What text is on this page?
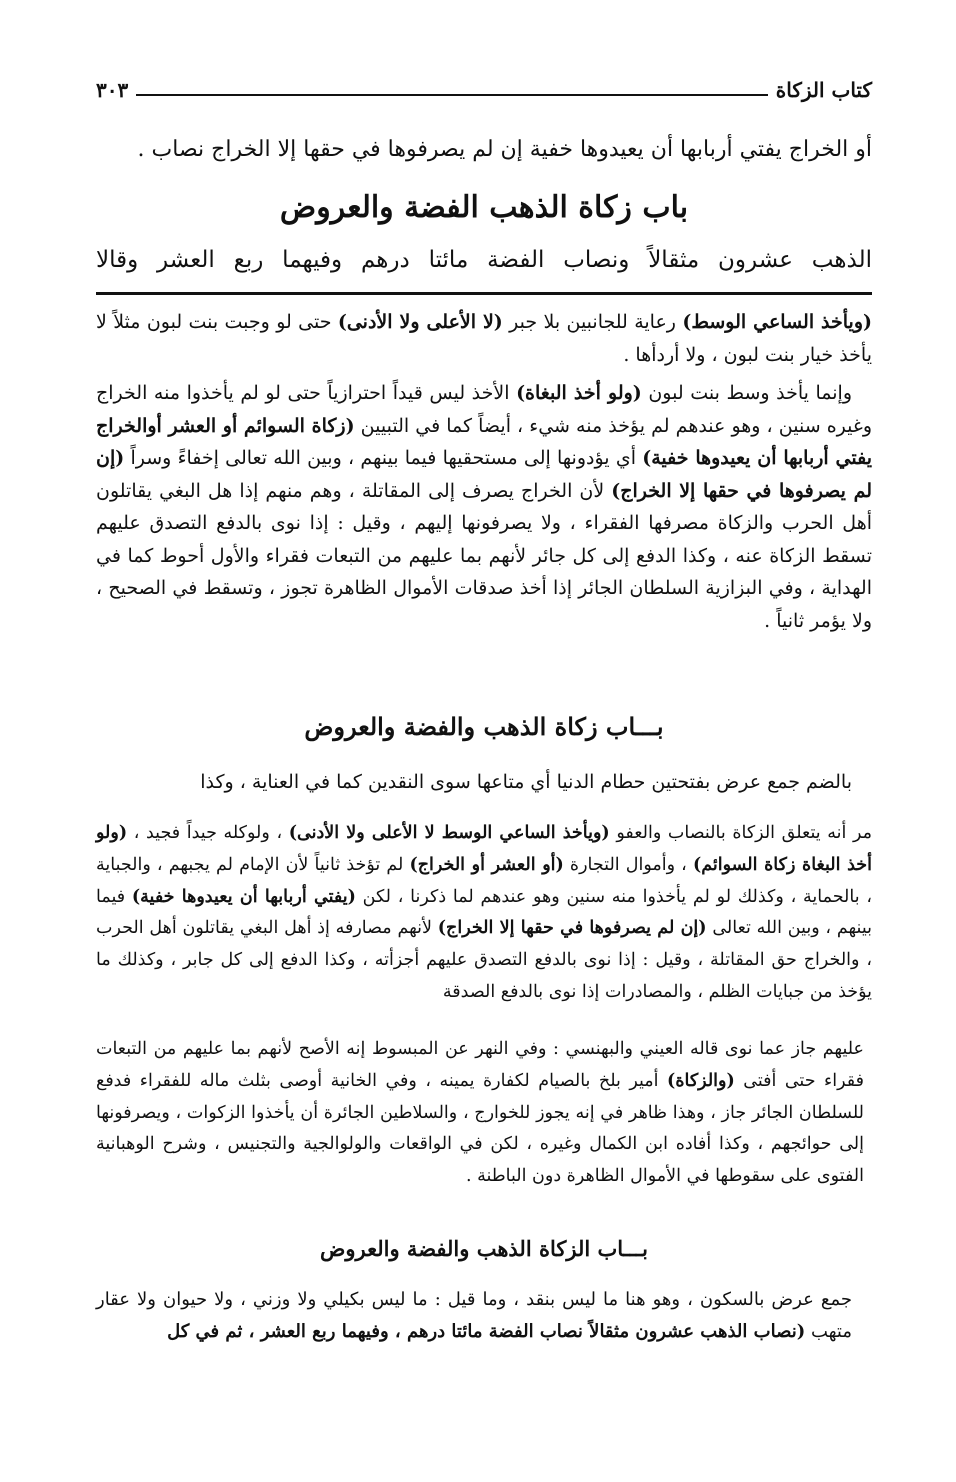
كتاب الزكاة
٣٠٣

أو الخراج يفتي أربابها أن يعيدوها خفية إن لم يصرفوها في حقها إلا الخراج نصاب .

باب زكاة الذهب الفضة والعروض
الذهب عشرون مثقالاً ونصاب الفضة مائتا درهم وفيهما ربع العشر وقالا

(ويأخذ الساعي الوسط) رعاية للجانبين بلا جبر (لا الأعلى ولا الأدنى) حتى لو وجبت بنت لبون مثلاً لا يأخذ خيار بنت لبون ، ولا أردأها .

وإنما يأخذ وسط بنت لبون (ولو أخذ البغاة) الأخذ ليس قيداً احترازياً حتى لو لم يأخذوا منه الخراج وغيره سنين ، وهو عندهم لم يؤخذ منه شيء ، أيضاً كما في التبيين (زكاة السوائم أو العشر أوالخراج يفتي أربابها أن يعيدوها خفية) أي يؤدونها إلى مستحقيها فيما بينهم ، وبين الله تعالى إخفاءً وسراً (إن لم يصرفوها في حقها إلا الخراج) لأن الخراج يصرف إلى المقاتلة ، وهم منهم إذا هل البغي يقاتلون أهل الحرب والزكاة مصرفها الفقراء ، ولا يصرفونها إليهم ، وقيل : إذا نوى بالدفع التصدق عليهم تسقط الزكاة عنه ، وكذا الدفع إلى كل جائر لأنهم بما عليهم من التبعات فقراء والأول أحوط كما في الهداية ، وفي البزازية السلطان الجائر إذا أخذ صدقات الأموال الظاهرة تجوز ، وتسقط في الصحيح ، ولا يؤمر ثانياً .

بـــاب زكاة الذهب والفضة والعروض
بالضم جمع عرض بفتحتين حطام الدنيا أي متاعها سوى النقدين كما في العناية ، وكذا

مر أنه يتعلق الزكاة بالنصاب والعفو (ويأخذ الساعي الوسط لا الأعلى ولا الأدنى) ، ولوكله جيداً فجيد ، (ولو أخذ البغاة زكاة السوائم) ، وأموال التجارة (أو العشر أو الخراج) لم تؤخذ ثانياً لأن الإمام لم يجبهم ، والجباية ، بالحماية ، وكذلك لو لم يأخذوا منه سنين وهو عندهم لما ذكرنا ، لكن (يفتي أربابها أن يعيدوها خفية) فيما بينهم ، وبين الله تعالى (إن لم يصرفوها في حقها إلا الخراج) لأنهم مصارفه إذ أهل البغي يقاتلون أهل الحرب ، والخراج حق المقاتلة ، وقيل : إذا نوى بالدفع التصدق عليهم أجزأته ، وكذا الدفع إلى كل جابر ، وكذلك ما يؤخذ من جبايات الظلم ، والمصادرات إذا نوى بالدفع الصدقة

عليهم جاز عما نوى قاله العيني والبهنسي : وفي النهر عن المبسوط إنه الأصح لأنهم بما عليهم من التبعات فقراء حتى أفتى (والزكاة) أمير بلخ بالصيام لكفارة يمينه ، وفي الخانية أوصى بثلث ماله للفقراء فدفع للسلطان الجائر جاز ، وهذا ظاهر في إنه يجوز للخوارج ، والسلاطين الجائرة أن يأخذوا الزكوات ، ويصرفونها إلى حوائجهم ، وكذا أفاده ابن الكمال وغيره ، لكن في الواقعات والولوالجية والتجنيس ، وشرح الوهبانية الفتوى على سقوطها في الأموال الظاهرة دون الباطنة .

بـــاب الزكاة الذهب والفضة والعروض

جمع عرض بالسكون ، وهو هنا ما ليس بنقد ، وما قيل : ما ليس بكيلي ولا وزني ، ولا حيوان ولا عقار متهب (نصاب الذهب عشرون مثقالاً نصاب الفضة مائتا درهم ، وفيهما ربع العشر ، ثم في كل
